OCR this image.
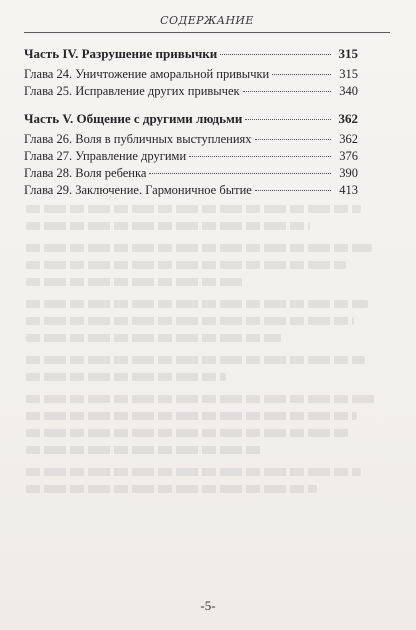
СОДЕРЖАНИЕ
Часть IV. Разрушение привычки	315
Глава 24. Уничтожение аморальной привычки	315
Глава 25. Исправление других привычек	340
Часть V. Общение с другими людьми	362
Глава 26. Воля в публичных выступлениях	362
Глава 27. Управление другими	376
Глава 28. Воля ребенка	390
Глава 29. Заключение. Гармоничное бытие	413
-5-
